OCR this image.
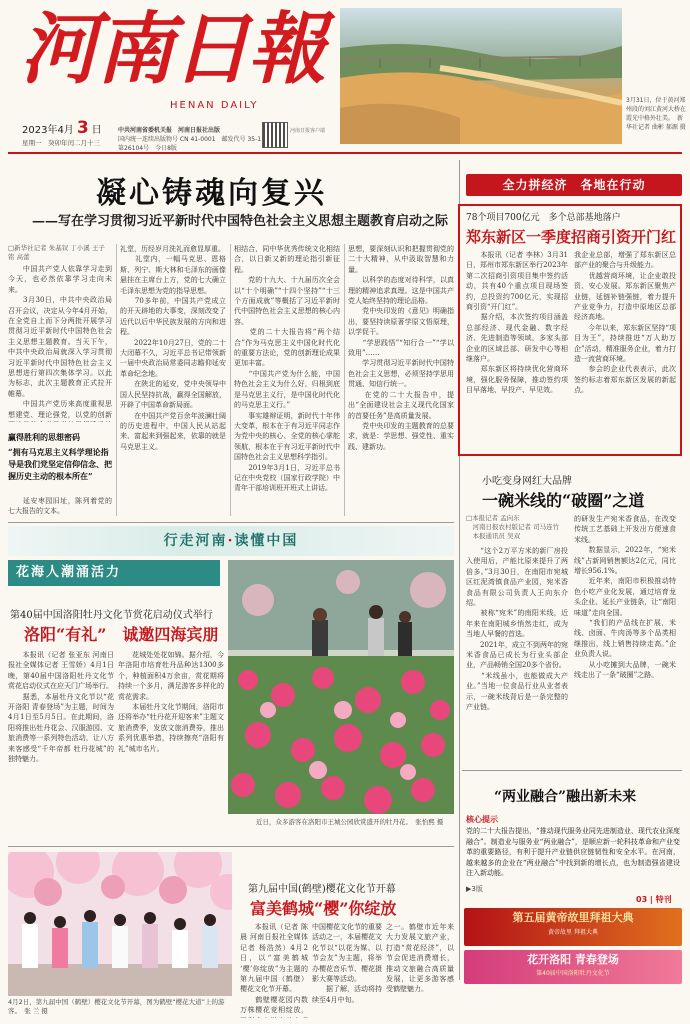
河南日報
HENAN DAILY
2023年4月 3 日
星期一　癸卯年闰二月十三
中共河南省委机关报　河南日报社出版
国内统一连续出版物号 CN 41-0001　邮发代号 35-1
第26104号　今日8版
河南日报客户端
3月31日，位于黄河郑州段的刘江黄河大桥在霞光中格外壮美。　新华社记者 曲彬 郝源 摄
凝心铸魂向复兴
——写在学习贯彻习近平新时代中国特色社会主义思想主题教育启动之际
□新华社记者 朱基钗 丁小溪 王子铭 高蕾
　　中国共产党人依靠学习走到今天，也必然依靠学习走向未来。
　　3月30日，中共中央政治局召开会议，决定从今年4月开始，在全党自上而下分两批开展学习贯彻习近平新时代中国特色社会主义思想主题教育。当天下午，中共中央政治局就深入学习贯彻习近平新时代中国特色社会主义思想进行第四次集体学习。以此为标志，此次主题教育正式拉开帷幕。
　　中国共产党历来高度重视思想建党、理论强党，以党的创新
赢得胜利的思想密码
“拥有马克思主义科学理论指导是我们党坚定信仰信念、把握历史主动的根本所在”
　　延安枣园旧址，陈列着党的七大报告的文本。
礼堂，历经岁月洗礼而愈显厚重。
　　礼堂内，一幅马克思、恩格斯、列宁、斯大林和毛泽东的画像悬挂在主席台上方，党的七大确立毛泽东思想为党的指导思想。
　　70多年前，中国共产党成立的开天辟地的大事变，深刻改变了近代以后中华民族发展的方向和进程。
　　2022年10月27日，党的二十大闭幕不久，习近平总书记带领新一届中央政治局常委同志瞻仰延安革命纪念地。
　　在陕北的延安，党中央领导中国人民坚持抗战，赢得全国解放，开辟了中国革命新局面。
　　在中国共产党百余年波澜壮阔的历史进程中，中国人民从站起来、富起来到强起来，依靠的就是马克思主义。
相结合，同中华优秀传统文化相结合，以日新又新的理论指引新征程。
　　党的十九大、十九届历次全会以“十个明确”“十四个坚持”“十三个方面成就”等概括了习近平新时代中国特色社会主义思想的核心内容。
　　党的二十大报告将“两个结合”作为马克思主义中国化时代化的重要方法论，党的创新理论成果更加丰富。
　　“中国共产党为什么能，中国特色社会主义为什么好，归根到底是马克思主义行，是中国化时代化的马克思主义行。”
　　事实雄辩证明，新时代十年伟大变革，根本在于有习近平同志作为党中央的核心、全党的核心掌舵领航，根本在于有习近平新时代中国特色社会主义思想科学指引。
　　2019年3月1日，习近平总书记在中央党校（国家行政学院）中青年干部培训班开班式上讲话。
思想，要深刻认识和把握贯彻党的二十大精神，从中汲取智慧和力量。
　　以科学的态度对待科学，以真理的精神追求真理。这是中国共产党人始终坚持的理论品格。
　　党中央印发的《意见》明确指出，要坚持读原著学原文悟原理，以学促干。
　　“学思践悟”“知行合一”“学以致用”……
　　学习贯彻习近平新时代中国特色社会主义思想，必须坚持学思用贯通、知信行统一。
　　在党的二十大报告中，提出“全面建设社会主义现代化国家的首要任务”是高质量发展。
　　党中央印发的主题教育的总要求，就是：学思想、强党性、重实践、建新功。
全力拼经济　各地在行动
78个项目700亿元　多个总部基地落户
郑东新区一季度招商引资开门红
　　本报讯（记者 李林）3月31日，郑州市郑东新区举行2023年第二次招商引资项目集中签约活动，共有40个重点项目现场签约，总投资约700亿元，实现招商引资“开门红”。
　　据介绍，本次签约项目涵盖总部经济、现代金融、数字经济、先进制造等领域，多家头部企业的区域总部、研发中心等相继落户。
　　郑东新区将持续优化营商环境，强化服务保障，推动签约项目早落地、早投产、早见效。
我企业总部，增强了郑东新区总部产业的聚合与升级能力。
　　优越营商环境，让企业敢投资、安心发展。郑东新区聚焦产业链，延链补链强链，着力提升产业竞争力，打造中原地区总部经济高地。
　　今年以来，郑东新区坚持“项目为王”，持续推进“万人助万企”活动，精准服务企业，着力打造一流营商环境。
　　参会的企业代表表示，此次签约标志着郑东新区发展的新起点。
小吃变身网红大品牌
一碗米线的“破圈”之道
□本报记者 孟向东
　河南日报农村版记者 司马连竹
　本报通讯员 吴双
　　“这个2万平方米的新厂房投入使用后，产能比原来提升了两倍多。”3月30日，在南阳市宛城区红泥湾镇食品产业园，宛米香食品有限公司负责人王向东介绍。
　　被称“宛米”的南阳米线，近年来在南阳城乡悄然走红，成为当地人早餐的首选。
　　2021年，成立不到两年的宛米香食品已成长为行业头部企业，产品畅销全国20多个省份。
　　“米线虽小，也能做成大产业。”当地一位食品行业从业者表示，一碗米线背后是一条完整的产业链。
的研发生产宛米香食品，在改变传统工艺基础上开发出方便速食米线。
　　数据显示，2022年，“宛米线”占新网销售额达2亿元，同比增长956.1%。
　　近年来，南阳市积极推动特色小吃产业化发展，通过培育龙头企业、延长产业链条，让“南阳味道”走向全国。
　　“我们的产品线在扩展，米线、卤面、牛肉汤等多个品类相继推出，线上销售持续走高。”企业负责人说。
　　从小吃摊到大品牌，一碗米线走出了一条“破圈”之路。
“两业融合”融出新未来
核心提示
党的二十大报告提出，“推动现代服务业同先进制造业、现代农业深度融合”。制造业与服务业“两业融合”，是顺应新一轮科技革命和产业变革的重要路径，有利于提升产业链供应链韧性和安全水平。在河南，越来越多的企业在“两业融合”中找到新的增长点，也为制造强省建设注入新动能。
▶3版
03 | 特刊
第五届黄帝故里拜祖大典
黄帝故里 拜祖大典
花开洛阳 青春登场
第40届中国洛阳牡丹文化节
行走河南·读懂中国
花海人潮涌活力
第40届中国洛阳牡丹文化节赏花启动仪式举行
洛阳“有礼”　诚邀四海宾朋
　　本报讯（记者 张亚东 河南日报社全媒体记者 王雪娇）4月1日晚，第40届中国洛阳牡丹文化节赏花启动仪式在应天门广场举行。
　　据悉，本届牡丹文化节以“花开洛阳 青春登场”为主题，时间为4月1日至5月5日。在此期间，洛阳将推出牡丹花会、汉服游园、文旅消费等一系列特色活动，让八方来客感受“千年帝都 牡丹花城”的独特魅力。
　　花城处处花如锦。据介绍，今年洛阳市培育牡丹品种达1300多个，种植面积4万余亩，赏花期将持续一个多月，满足游客多样化的赏花需求。
　　本届牡丹文化节期间，洛阳市还将举办“牡丹花开迎客来”主题文旅消费季，发放文旅消费券，推出系列优惠举措，持续擦亮“洛阳有礼”城市名片。
近日，众多游客在洛阳市王城公园欣赏盛开的牡丹花。　张怡熙 摄
4月2日，第九届中国（鹤壁）樱花文化节开幕，图为鹤壁“樱花大道”上的游客。　张 兰 摄
第九届中国(鹤壁)樱花文化节开幕
富美鹤城“樱”你绽放
　　本报讯（记者 陈晨 河南日报社全媒体记者 杨浩然）4月2日，以“富美鹤城 ‘樱’你绽放”为主题的第九届中国（鹤壁）樱花文化节开幕。
　　鹤壁樱花园内数万株樱花竞相绽放，
中国樱花文化节的重要活动之一，本届樱花文化节以“以花为媒、以节会友”为主题，将举办樱花音乐节、樱花摄影大赛等活动。
　　据了解，活动将持续至4月中旬。
之一。鹤壁市近年来大力发展文旅产业，打造“赏花经济”，以节会促进消费增长，推动文旅融合高质量发展，让更多游客感受鹤壁魅力。
